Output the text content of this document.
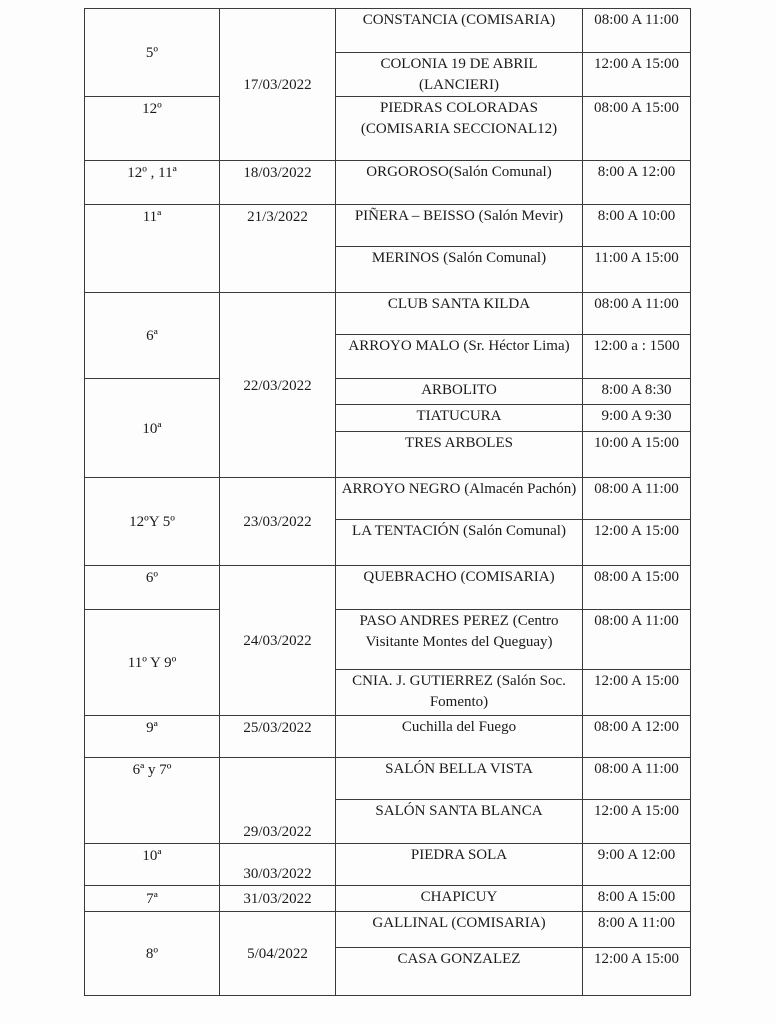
5º	17/03/2022	CONSTANCIA (COMISARIA)	08:00 A 11:00
		COLONIA 19 DE ABRIL (LANCIERI)	12:00 A 15:00
12º		PIEDRAS COLORADAS (COMISARIA SECCIONAL12)	08:00 A 15:00
12º , 11ª	18/03/2022	ORGOROSO(Salón Comunal)	8:00 A 12:00
11ª	21/3/2022	PIÑERA – BEISSO (Salón Mevir)	8:00 A 10:00
		MERINOS (Salón Comunal)	11:00 A 15:00
6ª	22/03/2022	CLUB SANTA KILDA	08:00 A 11:00
		ARROYO MALO (Sr. Héctor Lima)	12:00 a : 1500
10ª		ARBOLITO	8:00 A 8:30
		TIATUCURA	9:00 A 9:30
		TRES ARBOLES	10:00 A 15:00
12ºY 5º	23/03/2022	ARROYO NEGRO (Almacén Pachón)	08:00 A 11:00
		LA TENTACIÓN (Salón Comunal)	12:00 A 15:00
6º	24/03/2022	QUEBRACHO (COMISARIA)	08:00 A 15:00
11º Y 9º		PASO ANDRES PEREZ (Centro Visitante Montes del Queguay)	08:00 A 11:00
		CNIA. J. GUTIERREZ (Salón Soc. Fomento)	12:00 A 15:00
9ª	25/03/2022	Cuchilla del Fuego	08:00 A 12:00
6ª y 7º	29/03/2022	SALÓN BELLA VISTA	08:00 A 11:00
		SALÓN SANTA BLANCA	12:00 A 15:00
10ª	30/03/2022	PIEDRA SOLA	9:00 A 12:00
7ª	31/03/2022	CHAPICUY	8:00 A 15:00
8º	5/04/2022	GALLINAL (COMISARIA)	8:00 A 11:00
		CASA GONZALEZ	12:00 A 15:00
